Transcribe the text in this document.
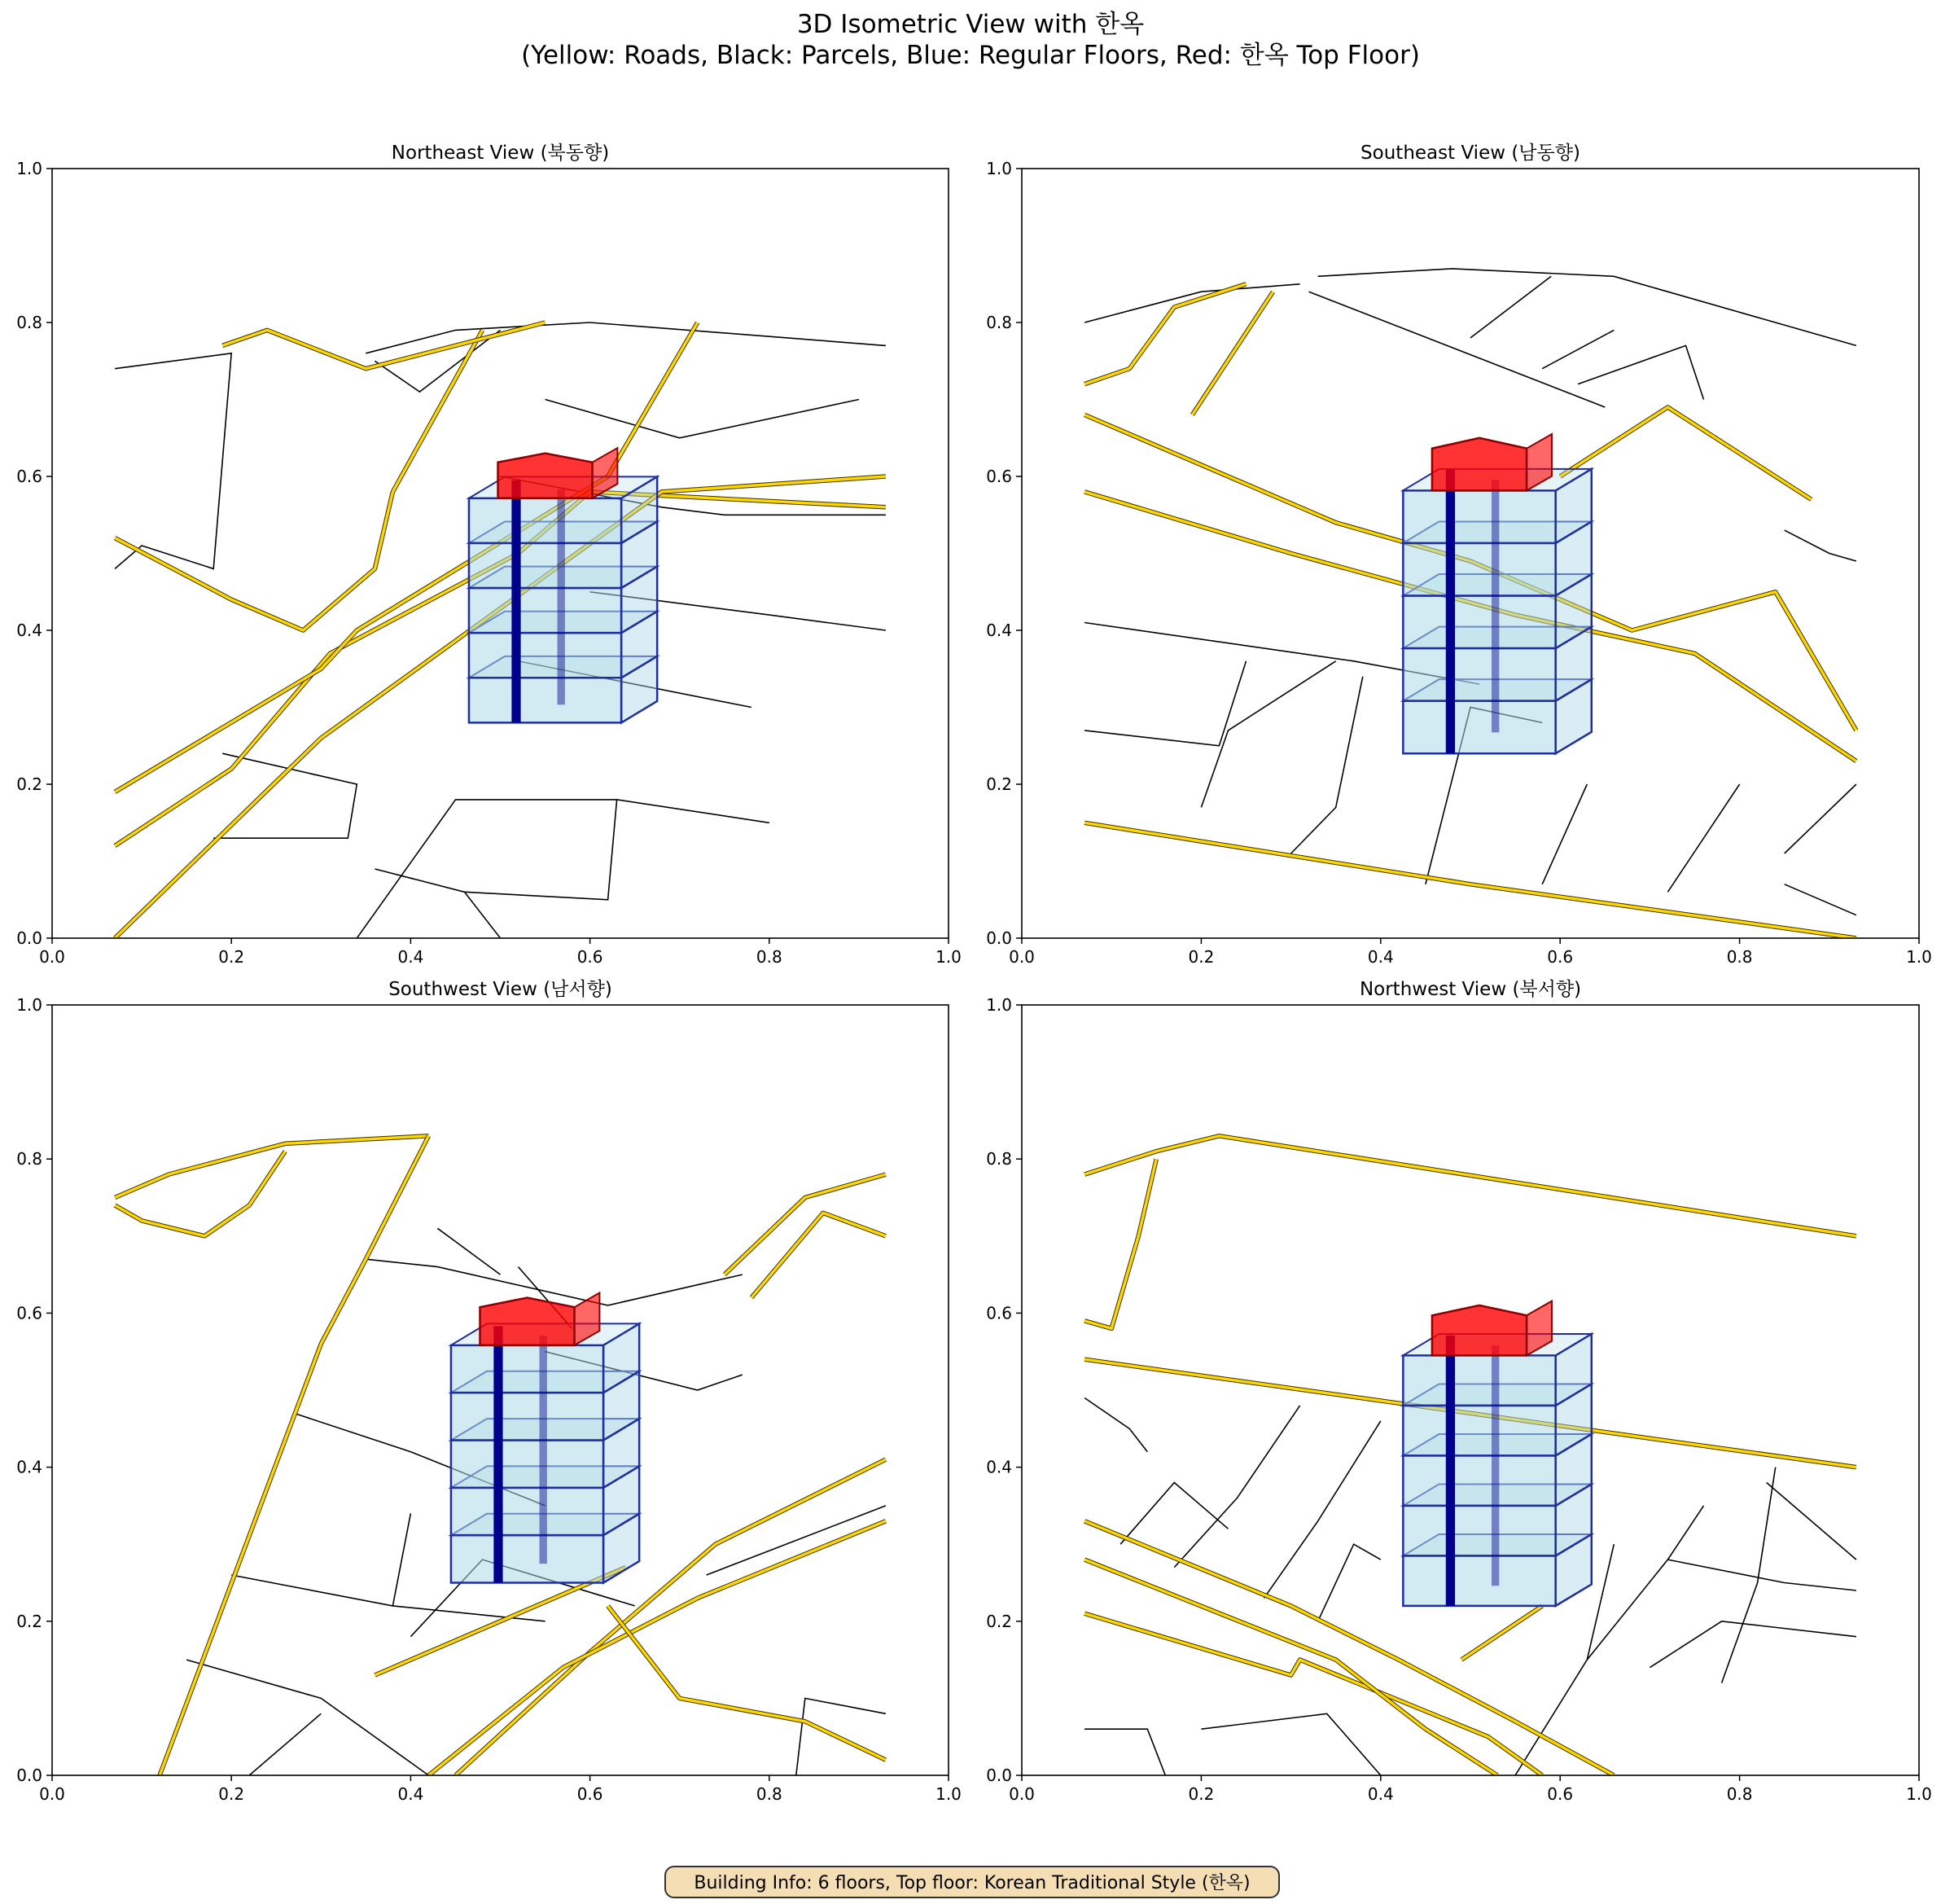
0.0
0.0
0.2
0.2
0.4
0.4
0.6
0.6
0.8
0.8
1.0
1.0
Northeast View (북동향)
0.0
0.0
0.2
0.2
0.4
0.4
0.6
0.6
0.8
0.8
1.0
1.0
Southeast View (남동향)
0.0
0.0
0.2
0.2
0.4
0.4
0.6
0.6
0.8
0.8
1.0
1.0
Southwest View (남서향)
0.0
0.0
0.2
0.2
0.4
0.4
0.6
0.6
0.8
0.8
1.0
1.0
Northwest View (북서향)
3D Isometric View with 한옥
(Yellow: Roads, Black: Parcels, Blue: Regular Floors, Red: 한옥 Top Floor)
Building Info: 6 floors, Top floor: Korean Traditional Style (한옥)
